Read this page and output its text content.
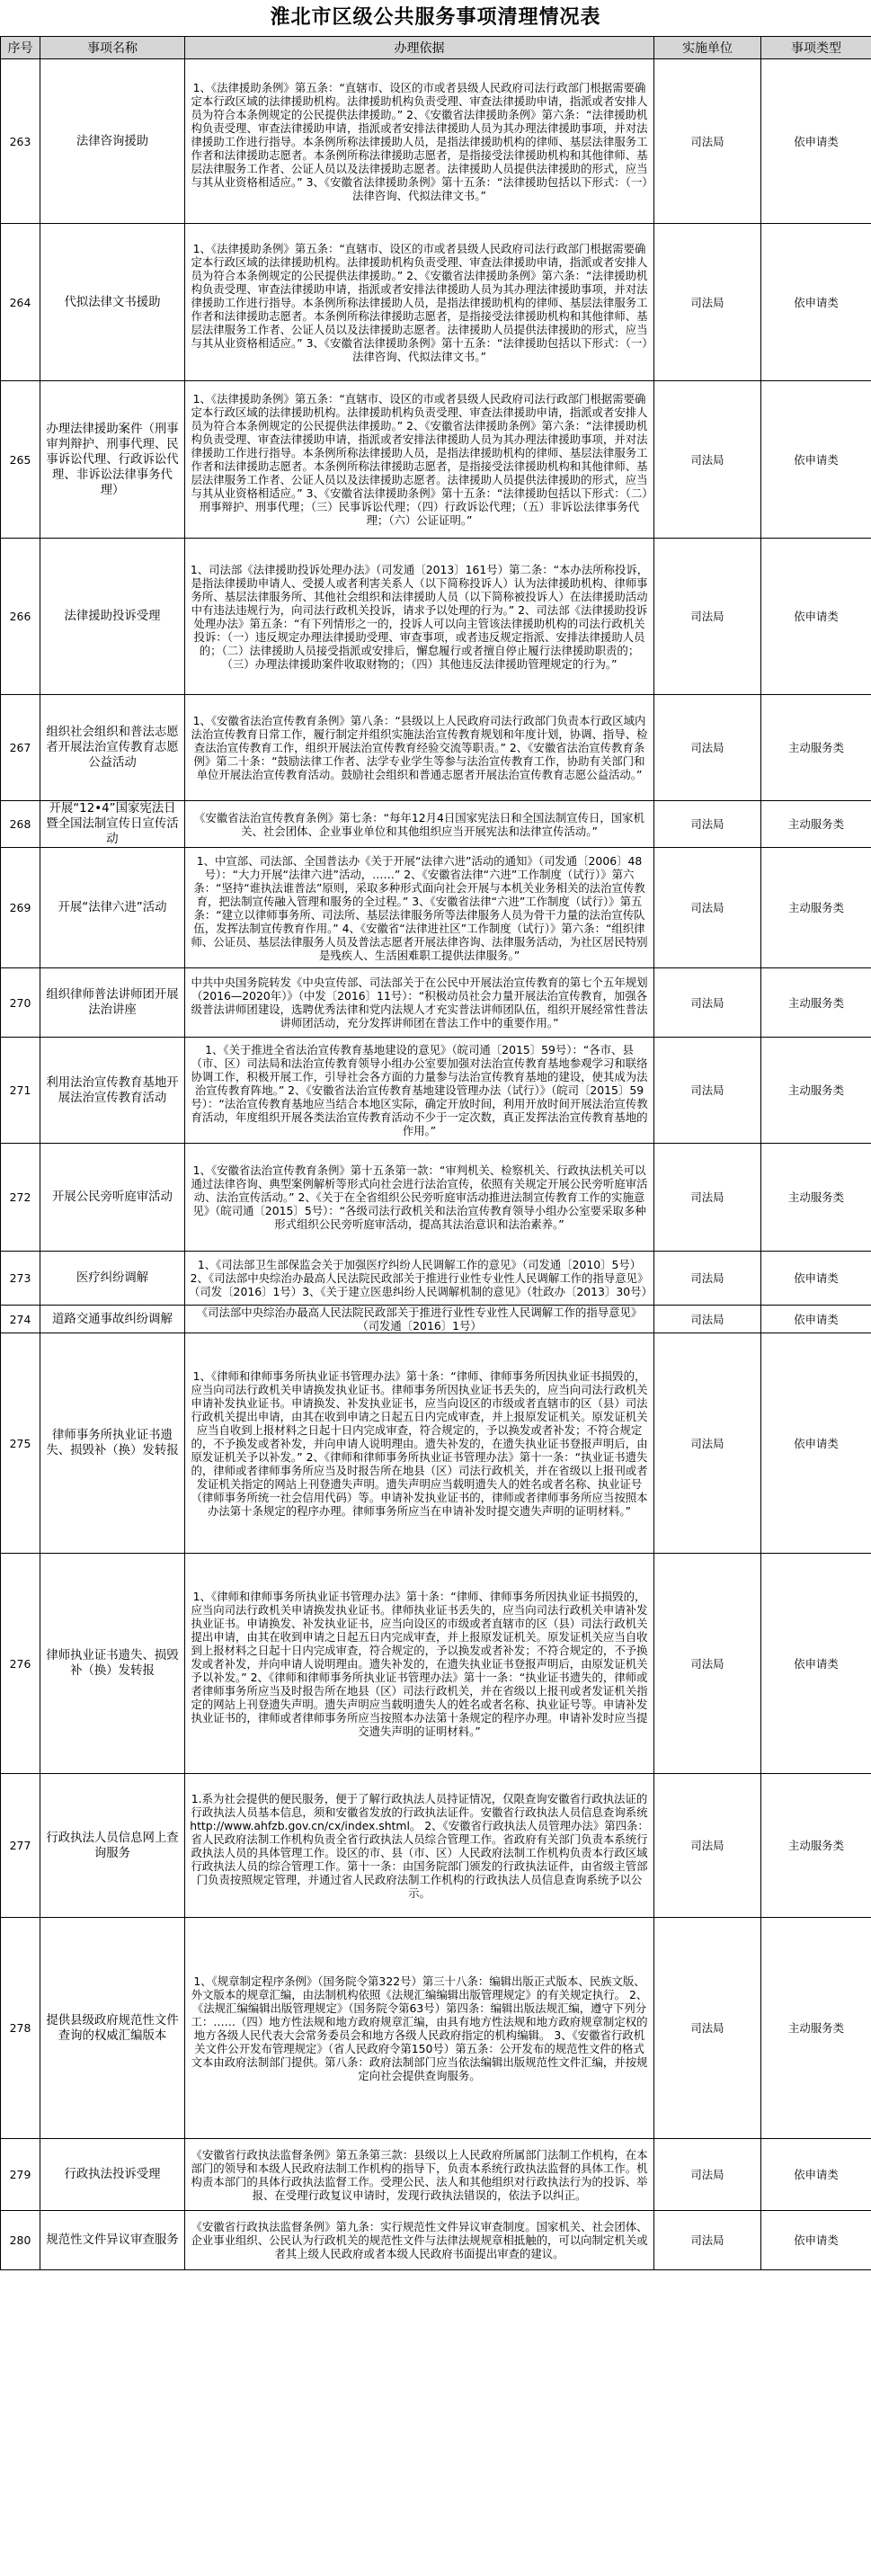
淮北市区级公共服务事项清理情况表
序号	事项名称	办理依据	实施单位	事项类型
263	法律咨询援助	1、《法律援助条例》第五条：“直辖市、设区的市或者县级人民政府司法行政部门根据需要确定本行政区域的法律援助机构。法律援助机构负责受理、审查法律援助申请，指派或者安排人员为符合本条例规定的公民提供法律援助。” 2、《安徽省法律援助条例》第六条：“法律援助机构负责受理、审查法律援助申请，指派或者安排法律援助人员为其办理法律援助事项，并对法律援助工作进行指导。本条例所称法律援助人员，是指法律援助机构的律师、基层法律服务工作者和法律援助志愿者。本条例所称法律援助志愿者，是指接受法律援助机构和其他律师、基层法律服务工作者、公证人员以及法律援助志愿者。法律援助人员提供法律援助的形式，应当与其从业资格相适应。” 3、《安徽省法律援助条例》第十五条：“法律援助包括以下形式：（一）法律咨询、代拟法律文书。”	司法局	依申请类
264	代拟法律文书援助	1、《法律援助条例》第五条：“直辖市、设区的市或者县级人民政府司法行政部门根据需要确定本行政区域的法律援助机构。法律援助机构负责受理、审查法律援助申请，指派或者安排人员为符合本条例规定的公民提供法律援助。” 2、《安徽省法律援助条例》第六条：“法律援助机构负责受理、审查法律援助申请，指派或者安排法律援助人员为其办理法律援助事项，并对法律援助工作进行指导。本条例所称法律援助人员，是指法律援助机构的律师、基层法律服务工作者和法律援助志愿者。本条例所称法律援助志愿者，是指接受法律援助机构和其他律师、基层法律服务工作者、公证人员以及法律援助志愿者。法律援助人员提供法律援助的形式，应当与其从业资格相适应。” 3、《安徽省法律援助条例》第十五条：“法律援助包括以下形式：（一）法律咨询、代拟法律文书。”	司法局	依申请类
265	办理法律援助案件（刑事审判辩护、刑事代理、民事诉讼代理、行政诉讼代理、非诉讼法律事务代理）	1、《法律援助条例》第五条：“直辖市、设区的市或者县级人民政府司法行政部门根据需要确定本行政区域的法律援助机构。法律援助机构负责受理、审查法律援助申请，指派或者安排人员为符合本条例规定的公民提供法律援助。” 2、《安徽省法律援助条例》第六条：“法律援助机构负责受理、审查法律援助申请，指派或者安排法律援助人员为其办理法律援助事项，并对法律援助工作进行指导。本条例所称法律援助人员，是指法律援助机构的律师、基层法律服务工作者和法律援助志愿者。本条例所称法律援助志愿者，是指接受法律援助机构和其他律师、基层法律服务工作者、公证人员以及法律援助志愿者。法律援助人员提供法律援助的形式，应当与其从业资格相适应。” 3、《安徽省法律援助条例》第十五条：“法律援助包括以下形式：（二）刑事辩护、刑事代理；（三）民事诉讼代理；（四）行政诉讼代理；（五）非诉讼法律事务代理；（六）公证证明。”	司法局	依申请类
266	法律援助投诉受理	1、司法部《法律援助投诉处理办法》（司发通〔2013〕161号）第二条：“本办法所称投诉，是指法律援助申请人、受援人或者利害关系人（以下简称投诉人）认为法律援助机构、律师事务所、基层法律服务所、其他社会组织和法律援助人员（以下简称被投诉人）在法律援助活动中有违法违规行为，向司法行政机关投诉，请求予以处理的行为。” 2、司法部《法律援助投诉处理办法》第五条：“有下列情形之一的，投诉人可以向主管该法律援助机构的司法行政机关投诉：（一）违反规定办理法律援助受理、审查事项，或者违反规定指派、安排法律援助人员的；（二）法律援助人员接受指派或安排后，懈怠履行或者擅自停止履行法律援助职责的；（三）办理法律援助案件收取财物的；（四）其他违反法律援助管理规定的行为。”	司法局	依申请类
267	组织社会组织和普法志愿者开展法治宣传教育志愿公益活动	1、《安徽省法治宣传教育条例》第八条：“县级以上人民政府司法行政部门负责本行政区域内法治宣传教育日常工作，履行制定并组织实施法治宣传教育规划和年度计划，协调、指导、检查法治宣传教育工作，组织开展法治宣传教育经验交流等职责。” 2、《安徽省法治宣传教育条例》第二十条：“鼓励法律工作者、法学专业学生等参与法治宣传教育工作，协助有关部门和单位开展法治宣传教育活动。鼓励社会组织和普通志愿者开展法治宣传教育志愿公益活动。”	司法局	主动服务类
268	开展“12•4”国家宪法日暨全国法制宣传日宣传活动	《安徽省法治宣传教育条例》第七条：“每年12月4日国家宪法日和全国法制宣传日，国家机关、社会团体、企业事业单位和其他组织应当开展宪法和法律宣传活动。”	司法局	主动服务类
269	开展“法律六进”活动	1、中宣部、司法部、全国普法办《关于开展“法律六进”活动的通知》（司发通〔2006〕48号）：“大力开展“法律六进”活动，……” 2、《安徽省法律“六进”工作制度（试行）》第六条：“坚持“谁执法谁普法”原则，采取多种形式面向社会开展与本机关业务相关的法治宣传教育，把法制宣传融入管理和服务的全过程。” 3、《安徽省法律“六进”工作制度（试行）》第五条：“建立以律师事务所、司法所、基层法律服务所等法律服务人员为骨干力量的法治宣传队伍，发挥法制宣传教育作用。” 4、《安徽省“法律进社区”工作制度（试行）》第六条：“组织律师、公证员、基层法律服务人员及普法志愿者开展法律咨询、法律服务活动，为社区居民特别是残疾人、生活困难职工提供法律服务。”	司法局	主动服务类
270	组织律师普法讲师团开展法治讲座	中共中央国务院转发《中央宣传部、司法部关于在公民中开展法治宣传教育的第七个五年规划（2016—2020年）》（中发〔2016〕11号）：“积极动员社会力量开展法治宣传教育，加强各级普法讲师团建设，选聘优秀法律和党内法规人才充实普法讲师团队伍，组织开展经常性普法讲师团活动，充分发挥讲师团在普法工作中的重要作用。”	司法局	主动服务类
271	利用法治宣传教育基地开展法治宣传教育活动	1、《关于推进全省法治宣传教育基地建设的意见》（皖司通〔2015〕59号）：“各市、县（市、区）司法局和法治宣传教育领导小组办公室要加强对法治宣传教育基地参观学习和联络协调工作，积极开展工作，引导社会各方面的力量参与法治宣传教育基地的建设，使其成为法治宣传教育阵地。” 2、《安徽省法治宣传教育基地建设管理办法（试行）》（皖司〔2015〕59号）：“法治宣传教育基地应当结合本地区实际，确定开放时间，利用开放时间开展法治宣传教育活动，年度组织开展各类法治宣传教育活动不少于一定次数，真正发挥法治宣传教育基地的作用。”	司法局	主动服务类
272	开展公民旁听庭审活动	1、《安徽省法治宣传教育条例》第十五条第一款：“审判机关、检察机关、行政执法机关可以通过法律咨询、典型案例解析等形式向社会进行法治宣传，依照有关规定开展公民旁听庭审活动、法治宣传活动。” 2、《关于在全省组织公民旁听庭审活动推进法制宣传教育工作的实施意见》（皖司通〔2015〕5号）：“各级司法行政机关和法治宣传教育领导小组办公室要采取多种形式组织公民旁听庭审活动，提高其法治意识和法治素养。”	司法局	主动服务类
273	医疗纠纷调解	1、《司法部卫生部保监会关于加强医疗纠纷人民调解工作的意见》（司发通〔2010〕5号）2、《司法部中央综治办最高人民法院民政部关于推进行业性专业性人民调解工作的指导意见》（司发〔2016〕1号）3、《关于建立医患纠纷人民调解机制的意见》（牡政办〔2013〕30号）	司法局	依申请类
274	道路交通事故纠纷调解	《司法部中央综治办最高人民法院民政部关于推进行业性专业性人民调解工作的指导意见》（司发通〔2016〕1号）	司法局	依申请类
275	律师事务所执业证书遗失、损毁补（换）发转报	1、《律师和律师事务所执业证书管理办法》第十条：“律师、律师事务所因执业证书损毁的，应当向司法行政机关申请换发执业证书。律师事务所因执业证书丢失的，应当向司法行政机关申请补发执业证书。申请换发、补发执业证书，应当向设区的市级或者直辖市的区（县）司法行政机关提出申请，由其在收到申请之日起五日内完成审查，并上报原发证机关。原发证机关应当自收到上报材料之日起十日内完成审查，符合规定的，予以换发或者补发；不符合规定的，不予换发或者补发，并向申请人说明理由。遗失补发的，在遗失执业证书登报声明后，由原发证机关予以补发。” 2、《律师和律师事务所执业证书管理办法》第十一条：“执业证书遗失的，律师或者律师事务所应当及时报告所在地县（区）司法行政机关，并在省级以上报刊或者发证机关指定的网站上刊登遗失声明。遗失声明应当载明遗失人的姓名或者名称、执业证号（律师事务所统一社会信用代码）等。申请补发执业证书的，律师或者律师事务所应当按照本办法第十条规定的程序办理。律师事务所应当在申请补发时提交遗失声明的证明材料。”	司法局	依申请类
276	律师执业证书遗失、损毁补（换）发转报	1、《律师和律师事务所执业证书管理办法》第十条：“律师、律师事务所因执业证书损毁的，应当向司法行政机关申请换发执业证书。律师执业证书丢失的，应当向司法行政机关申请补发执业证书。申请换发、补发执业证书，应当向设区的市级或者直辖市的区（县）司法行政机关提出申请，由其在收到申请之日起五日内完成审查，并上报原发证机关。原发证机关应当自收到上报材料之日起十日内完成审查，符合规定的，予以换发或者补发；不符合规定的，不予换发或者补发，并向申请人说明理由。遗失补发的，在遗失执业证书登报声明后，由原发证机关予以补发。” 2、《律师和律师事务所执业证书管理办法》第十一条：“执业证书遗失的，律师或者律师事务所应当及时报告所在地县（区）司法行政机关，并在省级以上报刊或者发证机关指定的网站上刊登遗失声明。遗失声明应当载明遗失人的姓名或者名称、执业证号等。申请补发执业证书的，律师或者律师事务所应当按照本办法第十条规定的程序办理。申请补发时应当提交遗失声明的证明材料。”	司法局	依申请类
277	行政执法人员信息网上查询服务	1.系为社会提供的便民服务，便于了解行政执法人员持证情况，仅限查询安徽省行政执法证的行政执法人员基本信息，须和安徽省发放的行政执法证件。安徽省行政执法人员信息查询系统http://www.ahfzb.gov.cn/cx/index.shtml。 2、《安徽省行政执法人员管理办法》第四条：省人民政府法制工作机构负责全省行政执法人员综合管理工作。省政府有关部门负责本系统行政执法人员的具体管理工作。设区的市、县（市、区）人民政府法制工作机构负责本行政区域行政执法人员的综合管理工作。第十一条：由国务院部门颁发的行政执法证件，由省级主管部门负责按照规定管理，并通过省人民政府法制工作机构的行政执法人员信息查询系统予以公示。	司法局	主动服务类
278	提供县级政府规范性文件查询的权威汇编版本	1、《规章制定程序条例》（国务院令第322号）第三十八条：编辑出版正式版本、民族文版、外文版本的规章汇编，由法制机构依照《法规汇编编辑出版管理规定》的有关规定执行。 2、《法规汇编编辑出版管理规定》（国务院令第63号）第四条：编辑出版法规汇编，遵守下列分工：……（四）地方性法规和地方政府规章汇编，由具有地方性法规和地方政府规章制定权的地方各级人民代表大会常务委员会和地方各级人民政府指定的机构编辑。 3、《安徽省行政机关文件公开发布管理规定》（省人民政府令第150号）第五条：公开发布的规范性文件的格式文本由政府法制部门提供。第八条：政府法制部门应当依法编辑出版规范性文件汇编，并按规定向社会提供查询服务。	司法局	主动服务类
279	行政执法投诉受理	《安徽省行政执法监督条例》第五条第三款：县级以上人民政府所属部门法制工作机构，在本部门的领导和本级人民政府法制工作机构的指导下，负责本系统行政执法监督的具体工作。机构责本部门的具体行政执法监督工作。受理公民、法人和其他组织对行政执法行为的投诉、举报、在受理行政复议申请时，发现行政执法错误的，依法予以纠正。	司法局	依申请类
280	规范性文件异议审查服务	《安徽省行政执法监督条例》第九条：实行规范性文件异议审查制度。国家机关、社会团体、企业事业组织、公民认为行政机关的规范性文件与法律法规规章相抵触的，可以向制定机关或者其上级人民政府或者本级人民政府书面提出审查的建议。	司法局	依申请类
